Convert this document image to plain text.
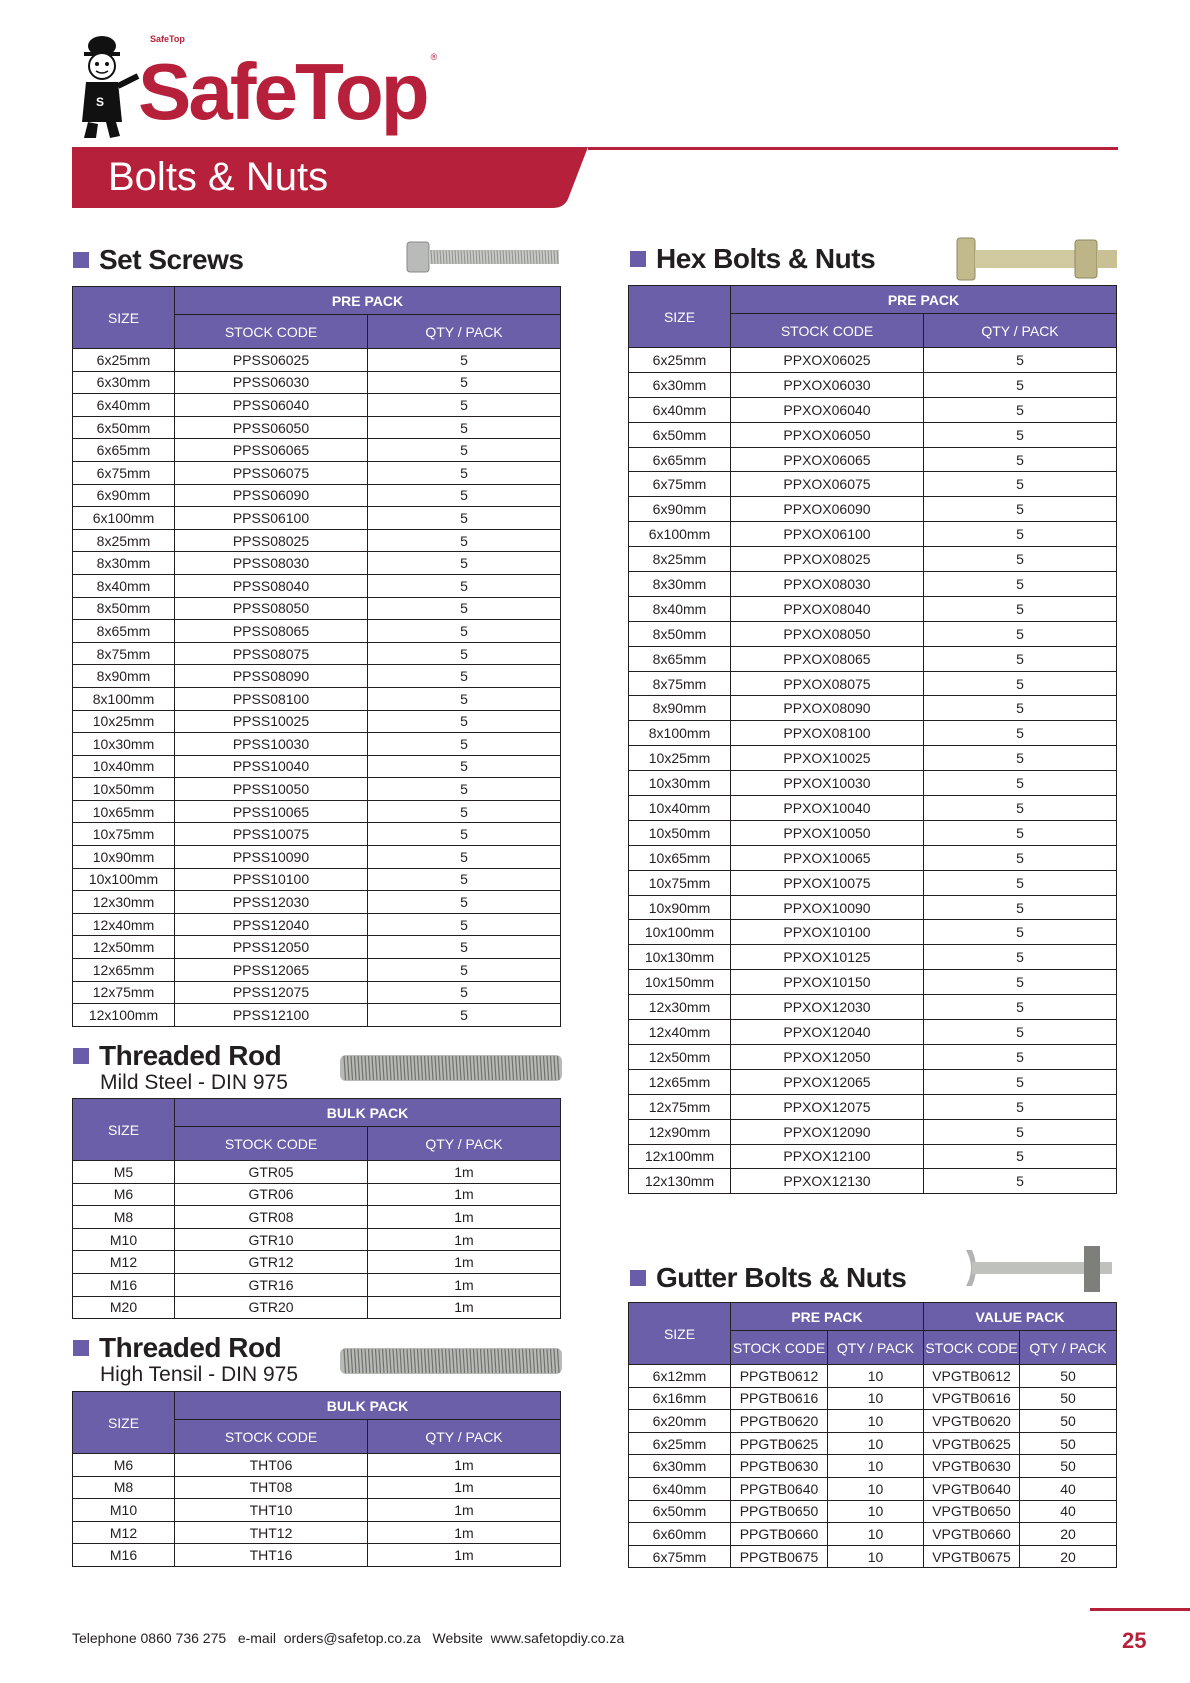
S
SafeTop
SafeTop ®
Bolts & Nuts
Set Screws
SIZE	PRE PACK	
	STOCK CODE	QTY / PACK
6x25mm	PPSS06025	5
6x30mm	PPSS06030	5
6x40mm	PPSS06040	5
6x50mm	PPSS06050	5
6x65mm	PPSS06065	5
6x75mm	PPSS06075	5
6x90mm	PPSS06090	5
6x100mm	PPSS06100	5
8x25mm	PPSS08025	5
8x30mm	PPSS08030	5
8x40mm	PPSS08040	5
8x50mm	PPSS08050	5
8x65mm	PPSS08065	5
8x75mm	PPSS08075	5
8x90mm	PPSS08090	5
8x100mm	PPSS08100	5
10x25mm	PPSS10025	5
10x30mm	PPSS10030	5
10x40mm	PPSS10040	5
10x50mm	PPSS10050	5
10x65mm	PPSS10065	5
10x75mm	PPSS10075	5
10x90mm	PPSS10090	5
10x100mm	PPSS10100	5
12x30mm	PPSS12030	5
12x40mm	PPSS12040	5
12x50mm	PPSS12050	5
12x65mm	PPSS12065	5
12x75mm	PPSS12075	5
12x100mm	PPSS12100	5
Threaded Rod
Mild Steel - DIN 975
SIZE	BULK PACK	
	STOCK CODE	QTY / PACK
M5	GTR05	1m
M6	GTR06	1m
M8	GTR08	1m
M10	GTR10	1m
M12	GTR12	1m
M16	GTR16	1m
M20	GTR20	1m
Threaded Rod
High Tensil - DIN 975
SIZE	BULK PACK	
	STOCK CODE	QTY / PACK
M6	THT06	1m
M8	THT08	1m
M10	THT10	1m
M12	THT12	1m
M16	THT16	1m
Hex Bolts & Nuts
SIZE	PRE PACK	
	STOCK CODE	QTY / PACK
6x25mm	PPXOX06025	5
6x30mm	PPXOX06030	5
6x40mm	PPXOX06040	5
6x50mm	PPXOX06050	5
6x65mm	PPXOX06065	5
6x75mm	PPXOX06075	5
6x90mm	PPXOX06090	5
6x100mm	PPXOX06100	5
8x25mm	PPXOX08025	5
8x30mm	PPXOX08030	5
8x40mm	PPXOX08040	5
8x50mm	PPXOX08050	5
8x65mm	PPXOX08065	5
8x75mm	PPXOX08075	5
8x90mm	PPXOX08090	5
8x100mm	PPXOX08100	5
10x25mm	PPXOX10025	5
10x30mm	PPXOX10030	5
10x40mm	PPXOX10040	5
10x50mm	PPXOX10050	5
10x65mm	PPXOX10065	5
10x75mm	PPXOX10075	5
10x90mm	PPXOX10090	5
10x100mm	PPXOX10100	5
10x130mm	PPXOX10125	5
10x150mm	PPXOX10150	5
12x30mm	PPXOX12030	5
12x40mm	PPXOX12040	5
12x50mm	PPXOX12050	5
12x65mm	PPXOX12065	5
12x75mm	PPXOX12075	5
12x90mm	PPXOX12090	5
12x100mm	PPXOX12100	5
12x130mm	PPXOX12130	5
Gutter Bolts & Nuts
SIZE	PRE PACK		VALUE PACK	
	STOCK CODE	QTY / PACK	STOCK CODE	QTY / PACK
6x12mm	PPGTB0612	10	VPGTB0612	50
6x16mm	PPGTB0616	10	VPGTB0616	50
6x20mm	PPGTB0620	10	VPGTB0620	50
6x25mm	PPGTB0625	10	VPGTB0625	50
6x30mm	PPGTB0630	10	VPGTB0630	50
6x40mm	PPGTB0640	10	VPGTB0640	40
6x50mm	PPGTB0650	10	VPGTB0650	40
6x60mm	PPGTB0660	10	VPGTB0660	20
6x75mm	PPGTB0675	10	VPGTB0675	20
Telephone 0860 736 275   e-mail  orders@safetop.co.za   Website  www.safetopdiy.co.za	25
